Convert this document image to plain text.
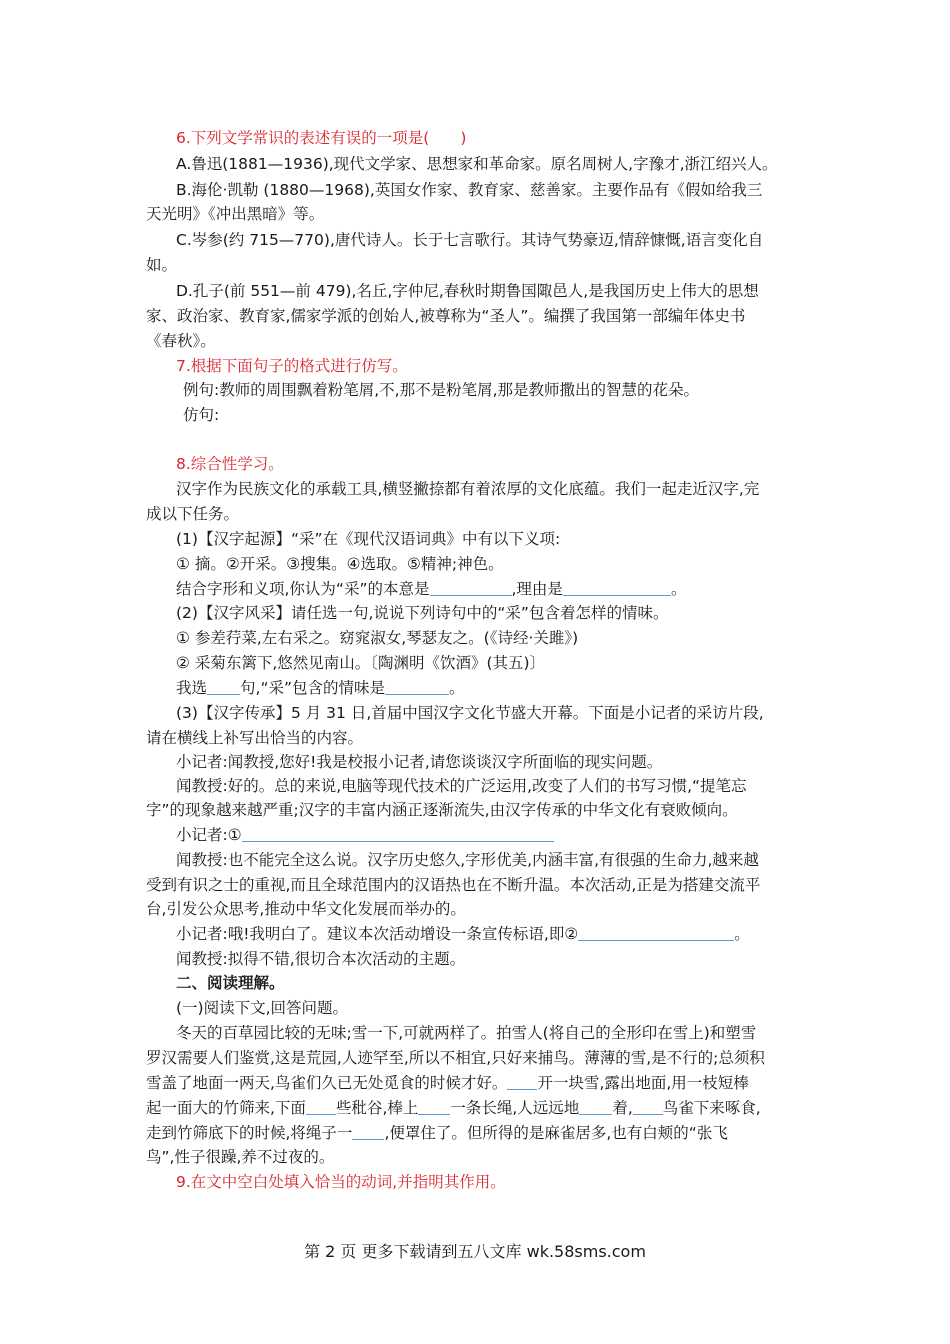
6.下列文学常识的表述有误的一项是(　　)
A.鲁迅(1881—1936),现代文学家、思想家和革命家。原名周树人,字豫才,浙江绍兴人。
B.海伦·凯勒 (1880—1968),英国女作家、教育家、慈善家。主要作品有《假如给我三
天光明》《冲出黑暗》等。
C.岑参(约 715—770),唐代诗人。长于七言歌行。其诗气势豪迈,情辞慷慨,语言变化自
如。
D.孔子(前 551—前 479),名丘,字仲尼,春秋时期鲁国陬邑人,是我国历史上伟大的思想
家、政治家、教育家,儒家学派的创始人,被尊称为“圣人”。编撰了我国第一部编年体史书
《春秋》。
7.根据下面句子的格式进行仿写。
例句:教师的周围飘着粉笔屑,不,那不是粉笔屑,那是教师撒出的智慧的花朵。
仿句:
8.综合性学习。
汉字作为民族文化的承载工具,横竖撇捺都有着浓厚的文化底蕴。我们一起走近汉字,完
成以下任务。
(1)【汉字起源】“采”在《现代汉语词典》中有以下义项:
① 摘。②开采。③搜集。④选取。⑤精神;神色。
结合字形和义项,你认为“采”的本意是	,理由是	。
(2)【汉字风采】请任选一句,说说下列诗句中的“采”包含着怎样的情味。
① 参差荇菜,左右采之。窈窕淑女,琴瑟友之。(《诗经·关雎》)
② 采菊东篱下,悠然见南山。〔陶渊明《饮酒》(其五)〕
我选 句,“采”包含的情味是	。
(3)【汉字传承】5 月 31 日,首届中国汉字文化节盛大开幕。下面是小记者的采访片段,
请在横线上补写出恰当的内容。
小记者:闻教授,您好!我是校报小记者,请您谈谈汉字所面临的现实问题。
闻教授:好的。总的来说,电脑等现代技术的广泛运用,改变了人们的书写习惯,“提笔忘
字”的现象越来越严重;汉字的丰富内涵正逐渐流失,由汉字传承的中华文化有衰败倾向。
小记者:①
闻教授:也不能完全这么说。汉字历史悠久,字形优美,内涵丰富,有很强的生命力,越来越
受到有识之士的重视,而且全球范围内的汉语热也在不断升温。本次活动,正是为搭建交流平
台,引发公众思考,推动中华文化发展而举办的。
小记者:哦!我明白了。建议本次活动增设一条宣传标语,即②	。
闻教授:拟得不错,很切合本次活动的主题。
二、阅读理解。
(一)阅读下文,回答问题。
冬天的百草园比较的无味;雪一下,可就两样了。拍雪人(将自己的全形印在雪上)和塑雪
罗汉需要人们鉴赏,这是荒园,人迹罕至,所以不相宜,只好来捕鸟。薄薄的雪,是不行的;总须积
雪盖了地面一两天,鸟雀们久已无处觅食的时候才好。 开一块雪,露出地面,用一枝短棒
起一面大的竹筛来,下面 些秕谷,棒上 一条长绳,人远远地 着, 鸟雀下来啄食,
走到竹筛底下的时候,将绳子一 ,便罩住了。但所得的是麻雀居多,也有白颊的“张飞
鸟”,性子很躁,养不过夜的。
9.在文中空白处填入恰当的动词,并指明其作用。
第 2 页 更多下载请到五八文库 wk.58sms.com
